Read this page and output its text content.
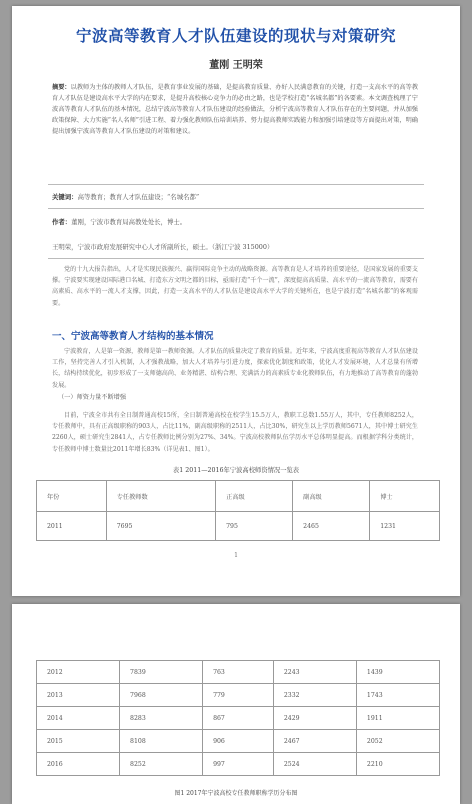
宁波高等教育人才队伍建设的现状与对策研究
董刚 王明荣
摘要：以教师为主体的教师人才队伍，是教育事业发展的基础，是提高教育质量、办好人民满意教育的关键，打造一支高水平的高等教育人才队伍是建设高水平大学的内在要求，是提升高校核心竞争力的必由之路，也是学校打造“名城名都”的各要素。本文调查梳理了宁波高等教育人才队伍的基本情况，总结宁波高等教育人才队伍建设的经验做法，分析宁波高等教育人才队伍存在的主要问题，并从加强政策保障、大力实施“名人名师”引进工程、着力强化教师队伍培训培养、努力提高教师实践能力和加强引培建设等方面提出对策，明确提出加强宁波高等教育人才队伍建设的对策和建议。
关键词：高等教育；教育人才队伍建设；“名城名都”
作者：董刚，宁波市教育局高教处处长，博士。
王明荣，宁波市政府发展研究中心人才所副所长，硕士。（浙江宁波 315000）
党的十九大报告指出，人才是实现民族振兴、赢得国际竞争主动的战略资源。高等教育是人才培养的重要途径，是国家发展的重要支撑。宁波要实现建设国际港口名城、打造东方文明之都的目标，亟需打造“千个一流”，深度提高高质量、高水平的一流高等教育，需要有高素质、高水平的一流人才支撑，因此，打造一支高水平的人才队伍是建设高水平大学的关键所在，也是宁波打造“名城名都”的客观需要。
一、宁波高等教育人才结构的基本情况
宁波教育，人是第一资源，教师是第一教师资源。人才队伍的质量决定了教育的质量。近年来，宁波高度重视高等教育人才队伍建设工作，坚持完善人才引入机制，人才强教战略，加大人才培养与引进力度，探索优化制度和政策，优化人才发展环境，人才总量有所增长，结构持续优化，初步形成了一支师德高尚、业务精湛、结构合理、充满活力的高素质专业化教师队伍，有力地推动了高等教育的蓬勃发展。
（一）师资力量不断增强
目前，宁波全市共有全日制普通高校15所，全日制普通高校在校学生15.5万人，教职工总数1.55万人，其中，专任教师8252人，专任教师中，具有正高级职称的903人，占比11%，副高级职称的2511人，占比30%，研究生以上学历教师5671人，其中博士研究生2260人，硕士研究生2841人，占专任教师比例分别为27%、34%。宁波高校教师队伍学历水平总体明显提高。而根据学科分类统计，专任教师中博士数量比2011年增长83%（详见表1、图1）。
表1 2011—2016年宁波高校师资情况一览表
年份	专任教师数	正高级	副高级	博士
2011	7695	795	2465	1231
1
2012	7839	763	2243	1439
2013	7968	779	2332	1743
2014	8283	867	2429	1911
2015	8108	906	2467	2052
2016	8252	997	2524	2210
图1 2017年宁波高校专任教师职称学历分布图
